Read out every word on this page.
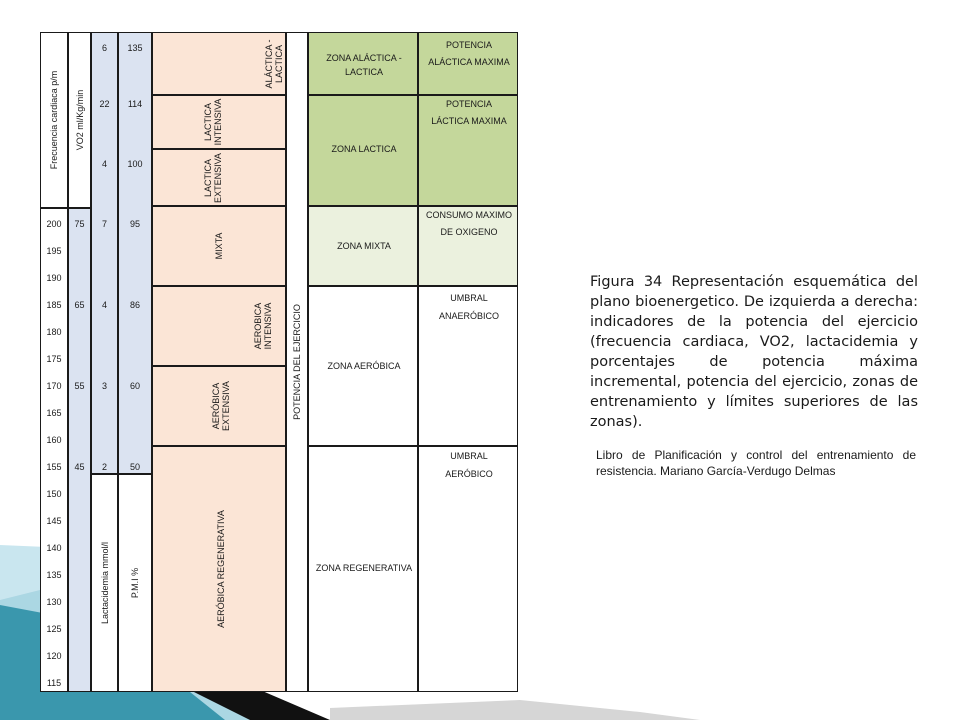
Frecuencia cardiaca p/m VO2 ml/Kg/min
200
195
190
185
180
175
170
165
160
155
150
145
140
135
130
125
120
115
75
65
55
45
6
22
4
7
4
3
2
Lactacidemia mmol/l
135
114
100
95
86
60
50
P.M.I %
ALÁCTICA -LACTICA
LACTICA INTENSIVA
LACTICA EXTENSIVA
MIXTA
AEROBICA INTENSIVA
AERÓBICA EXTENSIVA
AERÓBICA REGENERATIVA
POTENCIA DEL EJERCICIO
ZONA ALÁCTICA - LACTICA
ZONA LACTICA
ZONA MIXTA
ZONA AERÓBICA
ZONA REGENERATIVA
POTENCIA ALÁCTICA MAXIMA
POTENCIA LÁCTICA MAXIMA
CONSUMO MAXIMO DE OXIGENO
UMBRAL ANAERÓBICO
UMBRAL AERÓBICO
Figura 34 Representación esquemática del plano bioenergetico. De izquierda a derecha: indicadores de la potencia del ejercicio (frecuencia cardiaca, VO2, lactacidemia y porcentajes de potencia máxima incremental, potencia del ejercicio, zonas de entrenamiento y límites superiores de las zonas).
Libro de Planificación y control del entrenamiento de resistencia. Mariano García-Verdugo Delmas
